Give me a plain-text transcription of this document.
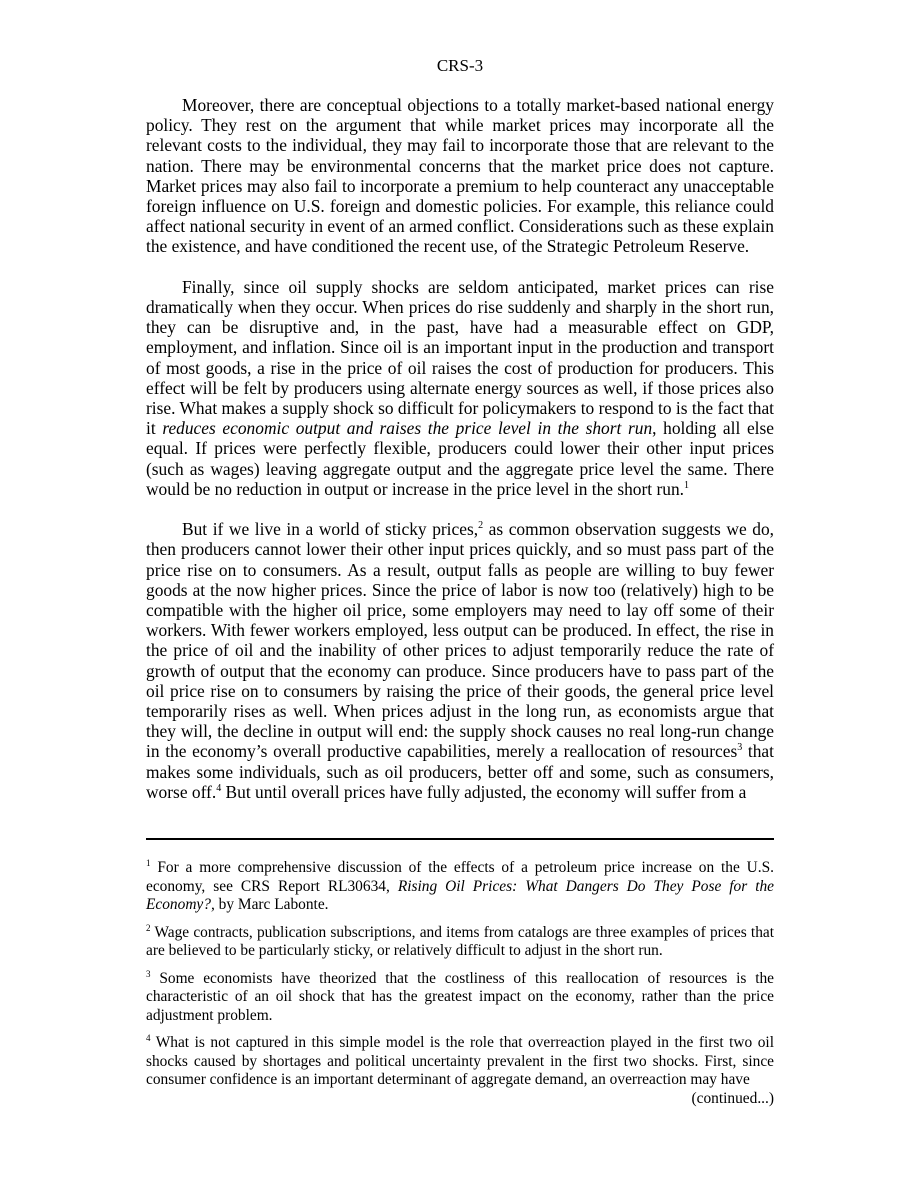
CRS-3

Moreover, there are conceptual objections to a totally market-based national energy policy. They rest on the argument that while market prices may incorporate all the relevant costs to the individual, they may fail to incorporate those that are relevant to the nation. There may be environmental concerns that the market price does not capture. Market prices may also fail to incorporate a premium to help counteract any unacceptable foreign influence on U.S. foreign and domestic policies. For example, this reliance could affect national security in event of an armed conflict. Considerations such as these explain the existence, and have conditioned the recent use, of the Strategic Petroleum Reserve.

Finally, since oil supply shocks are seldom anticipated, market prices can rise dramatically when they occur. When prices do rise suddenly and sharply in the short run, they can be disruptive and, in the past, have had a measurable effect on GDP, employment, and inflation. Since oil is an important input in the production and transport of most goods, a rise in the price of oil raises the cost of production for producers. This effect will be felt by producers using alternate energy sources as well, if those prices also rise. What makes a supply shock so difficult for policymakers to respond to is the fact that it reduces economic output and raises the price level in the short run, holding all else equal. If prices were perfectly flexible, producers could lower their other input prices (such as wages) leaving aggregate output and the aggregate price level the same. There would be no reduction in output or increase in the price level in the short run.$^1$

But if we live in a world of sticky prices,$^2$ as common observation suggests we do, then producers cannot lower their other input prices quickly, and so must pass part of the price rise on to consumers. As a result, output falls as people are willing to buy fewer goods at the now higher prices. Since the price of labor is now too (relatively) high to be compatible with the higher oil price, some employers may need to lay off some of their workers. With fewer workers employed, less output can be produced. In effect, the rise in the price of oil and the inability of other prices to adjust temporarily reduce the rate of growth of output that the economy can produce. Since producers have to pass part of the oil price rise on to consumers by raising the price of their goods, the general price level temporarily rises as well. When prices adjust in the long run, as economists argue that they will, the decline in output will end: the supply shock causes no real long-run change in the economy’s overall productive capabilities, merely a reallocation of resources$^3$ that makes some individuals, such as oil producers, better off and some, such as consumers, worse off.$^4$ But until overall prices have fully adjusted, the economy will suffer from a

$^1$ For a more comprehensive discussion of the effects of a petroleum price increase on the U.S. economy, see CRS Report RL30634, Rising Oil Prices: What Dangers Do They Pose for the Economy?, by Marc Labonte.

$^2$ Wage contracts, publication subscriptions, and items from catalogs are three examples of prices that are believed to be particularly sticky, or relatively difficult to adjust in the short run.

$^3$ Some economists have theorized that the costliness of this reallocation of resources is the characteristic of an oil shock that has the greatest impact on the economy, rather than the price adjustment problem.

$^4$ What is not captured in this simple model is the role that overreaction played in the first two oil shocks caused by shortages and political uncertainty prevalent in the first two shocks. First, since consumer confidence is an important determinant of aggregate demand, an overreaction may have

(continued...)
